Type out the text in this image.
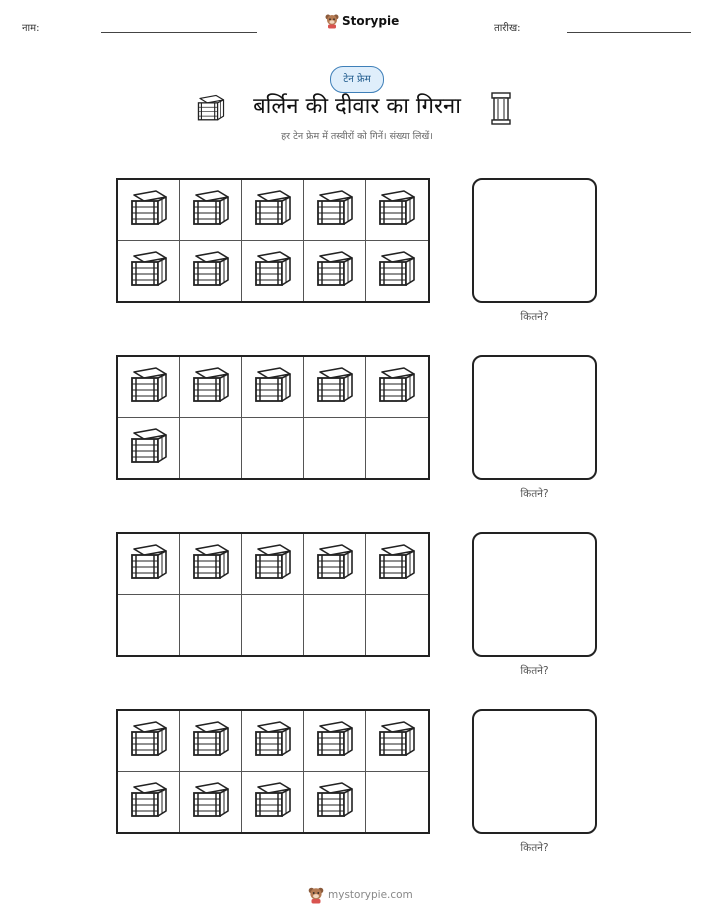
नाम:
Storypie
तारीख:
टेन फ्रेम
बर्लिन की दीवार का गिरना
हर टेन फ्रेम में तस्वीरों को गिनें। संख्या लिखें।
कितने?
कितने?
कितने?
कितने?
mystorypie.com
